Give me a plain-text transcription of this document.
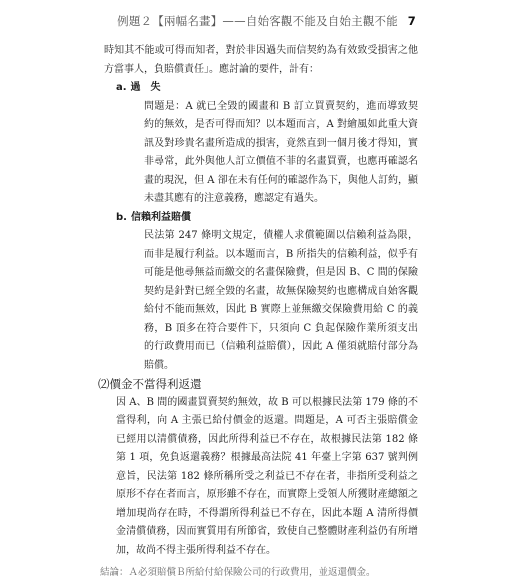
例題２【兩幅名畫】——自始客觀不能及自始主觀不能 7

時知其不能或可得而知者，對於非因過失而信契約為有效致受損害之他方當事人，負賠償責任」。應討論的要件，計有：

a. 過　失

問題是：A 就已全毀的國畫和 B 訂立買賣契約，進而導致契約的無效，是否可得而知？以本題而言，A 對繪風如此重大資訊及對珍貴名畫所造成的損害，竟然直到一個月後才得知，實非尋常，此外與他人訂立價值不菲的名畫買賣，也應再確認名畫的現況，但 A 卻在未有任何的確認作為下，與他人訂約，顯未盡其應有的注意義務，應認定有過失。

b. 信賴利益賠償

民法第 247 條明文規定，債權人求償範圍以信賴利益為限，而非是履行利益。以本題而言，B 所指失的信賴利益，似乎有可能是他尋無益而繳交的名畫保險費，但是因 B、C 間的保險契約是針對已經全毀的名畫，故無保險契約也應構成自始客觀給付不能而無效，因此 B 實際上並無繳交保險費用給 C 的義務，B 頂多在符合要件下，只須向 C 負起保險作業所須支出的行政費用而已（信賴利益賠償），因此 A 僅須就賠付部分為賠償。

⑵價金不當得利返還

因 A、B 間的國畫買賣契約無效，故 B 可以根據民法第 179 條的不當得利，向 A 主張已給付價金的返還。問題是，A 可否主張賠償金已經用以清償債務，因此所得利益已不存在，故根據民法第 182 條第 1 項，免負返還義務？根據最高法院 41 年臺上字第 637 號判例意旨，民法第 182 條所稱所受之利益已不存在者，非指所受利益之原形不存在者而言，原形雖不存在，而實際上受領人所獲財產總額之增加現尚存在時，不得謂所得利益已不存在，因此本題 A 清所得價金清償債務，因而實質用有所節省，致使自己整體財產利益仍有所增加，故尚不得主張所得利益不存在。

結論：Ａ必須賠償Ｂ所給付給保險公司的行政費用，並返還價金。
